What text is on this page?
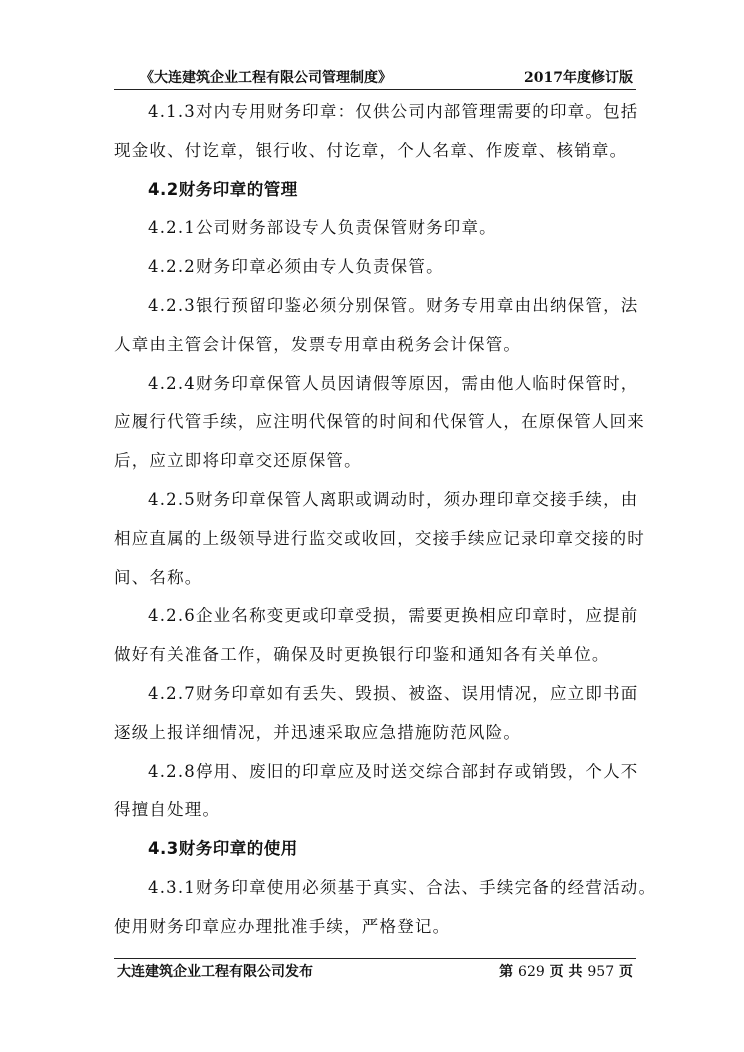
《大连建筑企业工程有限公司管理制度》	2017年度修订版
4.1.3对内专用财务印章：仅供公司内部管理需要的印章。包括
现金收、付讫章，银行收、付讫章，个人名章、作废章、核销章。
4.2财务印章的管理
4.2.1公司财务部设专人负责保管财务印章。
4.2.2财务印章必须由专人负责保管。
4.2.3银行预留印鉴必须分别保管。财务专用章由出纳保管，法
人章由主管会计保管，发票专用章由税务会计保管。
4.2.4财务印章保管人员因请假等原因，需由他人临时保管时，
应履行代管手续，应注明代保管的时间和代保管人，在原保管人回来
后，应立即将印章交还原保管。
4.2.5财务印章保管人离职或调动时，须办理印章交接手续，由
相应直属的上级领导进行监交或收回，交接手续应记录印章交接的时
间、名称。
4.2.6企业名称变更或印章受损，需要更换相应印章时，应提前
做好有关准备工作，确保及时更换银行印鉴和通知各有关单位。
4.2.7财务印章如有丢失、毁损、被盗、误用情况，应立即书面
逐级上报详细情况，并迅速采取应急措施防范风险。
4.2.8停用、废旧的印章应及时送交综合部封存或销毁，个人不
得擅自处理。
4.3财务印章的使用
4.3.1财务印章使用必须基于真实、合法、手续完备的经营活动。
使用财务印章应办理批准手续，严格登记。
大连建筑企业工程有限公司发布	第 629 页 共 957 页
